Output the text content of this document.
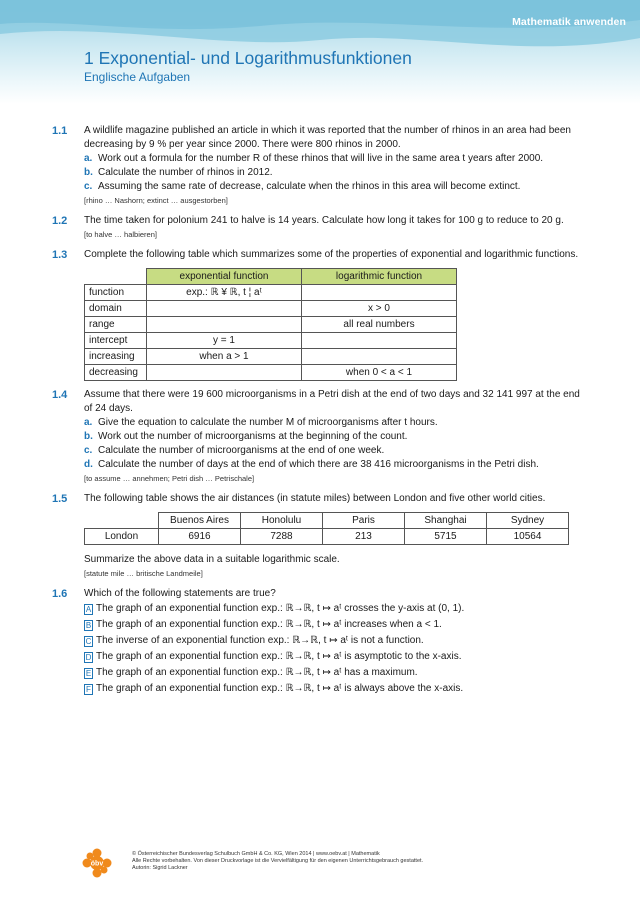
Mathematik anwenden
1 Exponential- und Logarithmusfunktionen
Englische Aufgaben
1.1 A wildlife magazine published an article in which it was reported that the number of rhinos in an area had been decreasing by 9 % per year since 2000. There were 800 rhinos in 2000.
a. Work out a formula for the number R of these rhinos that will live in the same area t years after 2000.
b. Calculate the number of rhinos in 2012.
c. Assuming the same rate of decrease, calculate when the rhinos in this area will become extinct.
[rhino … Nashorn; extinct … ausgestorben]
1.2 The time taken for polonium 241 to halve is 14 years. Calculate how long it takes for 100 g to reduce to 20 g.
[to halve … halbieren]
1.3 Complete the following table which summarizes some of the properties of exponential and logarithmic functions.
	exponential function	logarithmic function
function	exp.: ℝ ¥ ℝ, t ¦ aᵗ	
domain		x > 0
range		all real numbers
intercept	y = 1	
increasing	when a > 1	
decreasing		when 0 < a < 1
1.4 Assume that there were 19 600 microorganisms in a Petri dish at the end of two days and 32 141 997 at the end of 24 days.
a. Give the equation to calculate the number M of microorganisms after t hours.
b. Work out the number of microorganisms at the beginning of the count.
c. Calculate the number of microorganisms at the end of one week.
d. Calculate the number of days at the end of which there are 38 416 microorganisms in the Petri dish.
[to assume … annehmen; Petri dish … Petrischale]
1.5 The following table shows the air distances (in statute miles) between London and five other world cities.
	Buenos Aires	Honolulu	Paris	Shanghai	Sydney
London	6916	7288	213	5715	10564
Summarize the above data in a suitable logarithmic scale.
[statute mile … britische Landmeile]
1.6 Which of the following statements are true?
A The graph of an exponential function exp.: ℝ→ℝ, t ↦ aᵗ crosses the y-axis at (0, 1).
B The graph of an exponential function exp.: ℝ→ℝ, t ↦ aᵗ increases when a < 1.
C The inverse of an exponential function exp.: ℝ→ℝ, t ↦ aᵗ is not a function.
D The graph of an exponential function exp.: ℝ→ℝ, t ↦ aᵗ is asymptotic to the x-axis.
E The graph of an exponential function exp.: ℝ→ℝ, t ↦ aᵗ has a maximum.
F The graph of an exponential function exp.: ℝ→ℝ, t ↦ aᵗ is always above the x-axis.
öbv
© Österreichischer Bundesverlag Schulbuch GmbH & Co. KG, Wien 2014 | www.oebv.at | Mathematik
Alle Rechte vorbehalten. Von dieser Druckvorlage ist die Vervielfältigung für den eigenen Unterrichtsgebrauch gestattet.
Autorin: Sigrid Lackner
